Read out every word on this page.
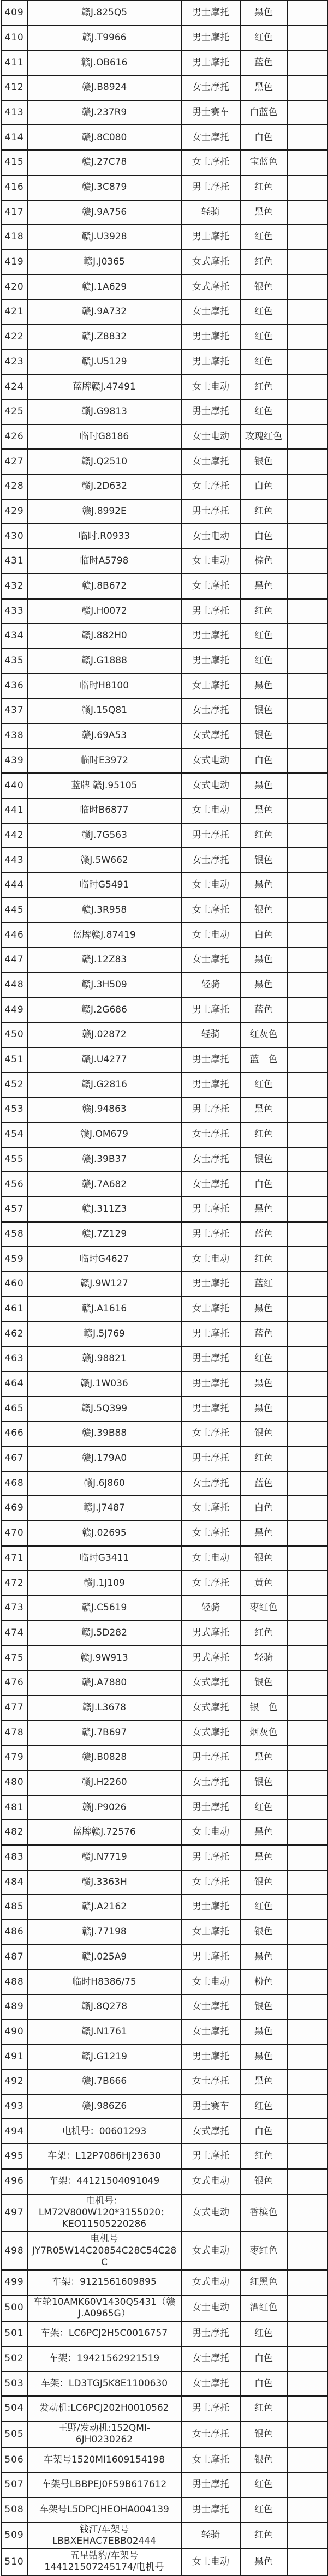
409	赣J.825Q5	男士摩托	黑色	
410	赣J.T9966	男士摩托	红色	
411	赣J.OB616	男士摩托	蓝色	
412	赣J.B8924	女士摩托	黑色	
413	赣J.237R9	男士赛车	白蓝色	
414	赣J.8C080	女士摩托	白色	
415	赣J.27C78	女士摩托	宝蓝色	
416	赣J.3C879	男士摩托	红色	
417	赣J.9A756	轻骑	黑色	
418	赣J.U3928	男士摩托	红色	
419	赣J.J0365	女式摩托	红色	
420	赣J.1A629	女式摩托	银色	
421	赣J.9A732	女士摩托	红色	
422	赣J.Z8832	男士摩托	红色	
423	赣J.U5129	男士摩托	红色	
424	蓝牌赣J.47491	女士电动	红色	
425	赣J.G9813	男士摩托	红色	
426	临时G8186	女士电动	玫瑰红色	
427	赣J.Q2510	女士摩托	银色	
428	赣J.2D632	女士摩托	白色	
429	赣J.8992E	男士摩托	红色	
430	临时.R0933	女士电动	白色	
431	临时A5798	女士电动	棕色	
432	赣J.8B672	女士摩托	黑色	
433	赣J.H0072	男士摩托	红色	
434	赣J.882H0	男士摩托	红色	
435	赣J.G1888	男士摩托	红色	
436	临时H8100	女士摩托	黑色	
437	赣J.15Q81	女士摩托	银色	
438	赣J.69A53	女式摩托	银色	
439	临时E3972	女式电动	白色	
440	蓝牌 赣J.95105	女式电动	黑色	
441	临时B6877	女士电动	黑色	
442	赣J.7G563	男士摩托	红色	
443	赣J.5W662	女士摩托	银色	
444	临时G5491	女士电动	黑色	
445	赣J.3R958	女士摩托	银色	
446	蓝牌赣J.87419	女士电动	白色	
447	赣J.12Z83	女士摩托	黑色	
448	赣J.3H509	轻骑	黑色	
449	赣J.2G686	男士摩托	蓝色	
450	赣J.02872	轻骑	红灰色	
451	赣J.U4277	男士摩托	蓝　色	
452	赣J.G2816	男士摩托	红色	
453	赣J.94863	男士摩托	黑色	
454	赣J.OM679	女士摩托	红色	
455	赣J.39B37	女士摩托	银色	
456	赣J.7A682	女士摩托	白色	
457	赣J.311Z3	男士摩托	黑色	
458	赣J.7Z129	男士摩托	蓝色	
459	临时G4627	女士电动	红色	
460	赣J.9W127	男士摩托	蓝红	
461	赣J.A1616	女士摩托	黑色	
462	赣J.5J769	男士摩托	蓝色	
463	赣J.98821	男士摩托	红色	
464	赣J.1W036	男士摩托	黑色	
465	赣J.5Q399	男士摩托	黑色	
466	赣J.39B88	女士摩托	银色	
467	赣J.179A0	男士摩托	红色	
468	赣J.6J860	女士摩托	蓝色	
469	赣J.J7487	女士摩托	白色	
470	赣J.02695	女士摩托	黑色	
471	临时G3411	女士电动	银色	
472	赣J.1J109	女士摩托	黄色	
473	赣J.C5619	轻骑	枣红色	
474	赣J.5D282	男式摩托	红色	
475	赣J.9W913	男式摩托	轻骑	
476	赣J.A7880	女式摩托	银色	
477	赣J.L3678	女式摩托	银　色	
478	赣J.7B697	女式摩托	烟灰色	
479	赣J.B0828	男士摩托	黑色	
480	赣J.H2260	女士摩托	银色	
481	赣J.P9026	男士摩托	红色	
482	蓝牌赣J.72576	女士电动	黑色	
483	赣J.N7719	男士摩托	黑色	
484	赣J.3363H	女士摩托	银色	
485	赣J.A2162	男士摩托	红色	
486	赣J.77198	女士摩托	银色	
487	赣J.025A9	男士摩托	黑色	
488	临时H8386/75	女士电动	粉色	
489	赣J.8Q278	女士摩托	银色	
490	赣J.N1761	女士摩托	黑色	
491	赣J.G1219	男士摩托	黑色	
492	赣J.7B666	女士摩托	黑色	
493	赣J.986Z6	男士赛车	红色	
494	电机号：00601293	女式摩托	白色	
495	车架：L12P7086HJ23630	男士摩托	红色	
496	车架：44121504091049	女式电动	银色	
497	电机号：LM72V800W120*3155020；KEO11505220286	女式电动	香槟色	
498	电机号 JY7R05W14C20854C28C54C28C	女式电动	枣红色	
499	车架：9121561609895	女式电动	红黑色	
500	车轮10AMK60V1430Q5431（赣J.A0965G）	女士电动	酒红色	
501	车架：LC6PCJ2H5C0016757	男士摩托	红色	
502	车架：19421562921519	女士摩托	白色	
503	车架：LD3TGJ5K8E1100630	女士摩托	白色	
504	发动机:LC6PCJ202H0010562	男士摩托	红色	
505	王野/发动机:152QMI-6JH0230262	女士摩托	银色	
506	车架号1520MI1609154198	女士摩托	银色	
507	车架号LBBPEJ0F59B617612	男士摩托	红色	
508	车架号L5DPCJHEOHA004139	男士摩托	红色	
509	钱江/车架号LBBXEHAC7EBB02444	轻骑	红色	
510	五星钻豹/车架号144121507245174/电机号	女士电动	黑色	
